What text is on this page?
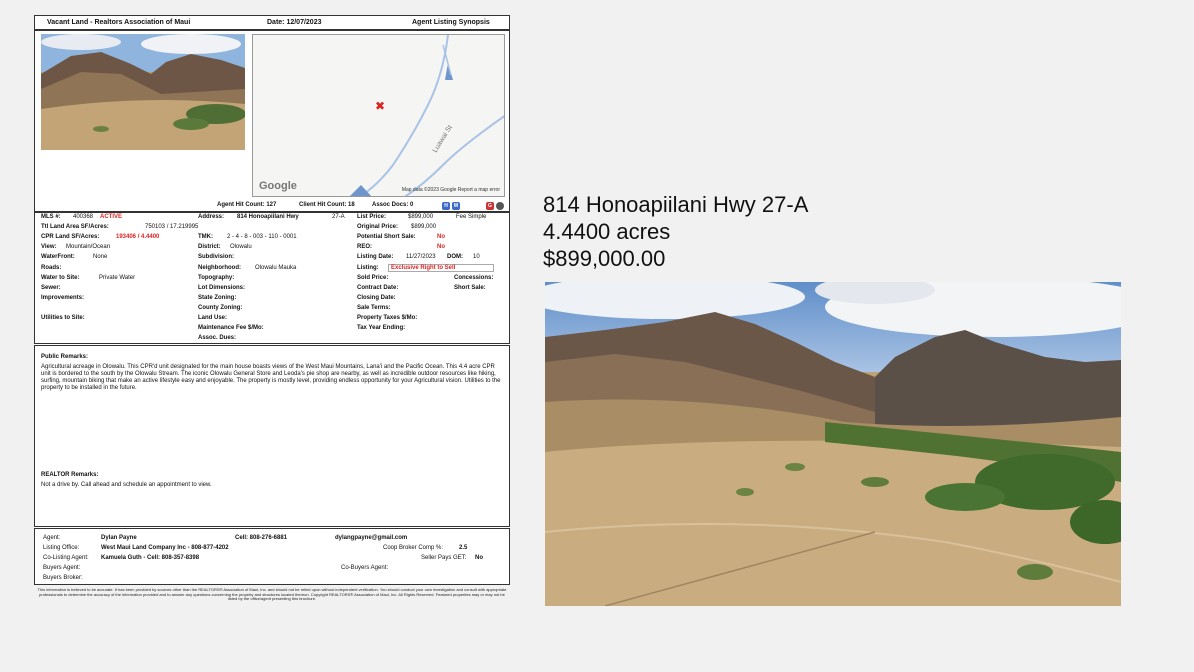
Vacant Land - Realtors Association of Maui	Date: 12/07/2023	Agent Listing Synopsis
✖
Luawai St
Google	Map data ©2023 Google Report a map error
Agent Hit Count: 127	Client Hit Count: 18	Assoc Docs: 0	H	M	G
MLS #: 400368 ACTIVE
Ttl Land Area SF/Acres:	750103 / 17.219995
CPR Land SF/Acres:	193406 / 4.4400
View: Mountain/Ocean
WaterFront:	None
Roads:
Water to Site:	Private Water
Sewer:
Improvements:
Utilities to Site:
Address: 814 Honoapiilani Hwy	27-A
TMK: 2 - 4 - 8 - 003 - 110 - 0001
District: Olowalu
Subdivision:
Neighborhood: Olowalu Mauka
Topography:
Lot Dimensions:
State Zoning:
County Zoning:
Land Use:
Maintenance Fee $/Mo:
Assoc. Dues:
List Price:	$899,000	Fee Simple
Original Price: $899,000
Potential Short Sale:	No
REO:	No
Listing Date: 11/27/2023 DOM: 10
Listing:	Exclusive Right to Sell
Sold Price:	Concessions:
Contract Date:	Short Sale:
Closing Date:
Sale Terms:
Property Taxes $/Mo:
Tax Year Ending:

Public Remarks:

Agricultural acreage in Olowalu. This CPR'd unit designated for the main house boasts views of the West Maui Mountains, Lana'i and the Pacific Ocean. This 4.4 acre CPR unit is bordered to the south by the Olowalu Stream. The iconic Olowalu General Store and Leoda's pie shop are nearby, as well as incredible outdoor resources like hiking, surfing, mountain biking that make an active lifestyle easy and enjoyable. The property is mostly level, providing endless opportunity for your Agricultural vision. Utilities to the property to be installed in the future.

REALTOR Remarks:

Not a drive by. Call ahead and schedule an appointment to view.

Agent:	Dylan Payne	Cell: 808-276-6881	dylangpayne@gmail.com
Listing Office:	West Maui Land Company Inc - 808-877-4202	Coop Broker Comp %:	2.5
Co-Listing Agent: Kamuela Guth - Cell: 808-357-8398	Seller Pays GET: No
Buyers Agent:	Co-Buyers Agent:
Buyers Broker:
This information is believed to be accurate. It has been provided by sources other than the REALTORS® Association of Maui, Inc. and should not be relied upon without independent verification. You should conduct your own investigation and consult with appropriate professionals to determine the accuracy of the information provided and to answer any questions concerning the property and structures located thereon. Copyright REALTORS® Association of Maui, Inc. All Rights Reserved. Featured properties may or may not be listed by the office/agent presenting this brochure.
814 Honoapiilani Hwy 27-A
4.4400 acres
$899,000.00
